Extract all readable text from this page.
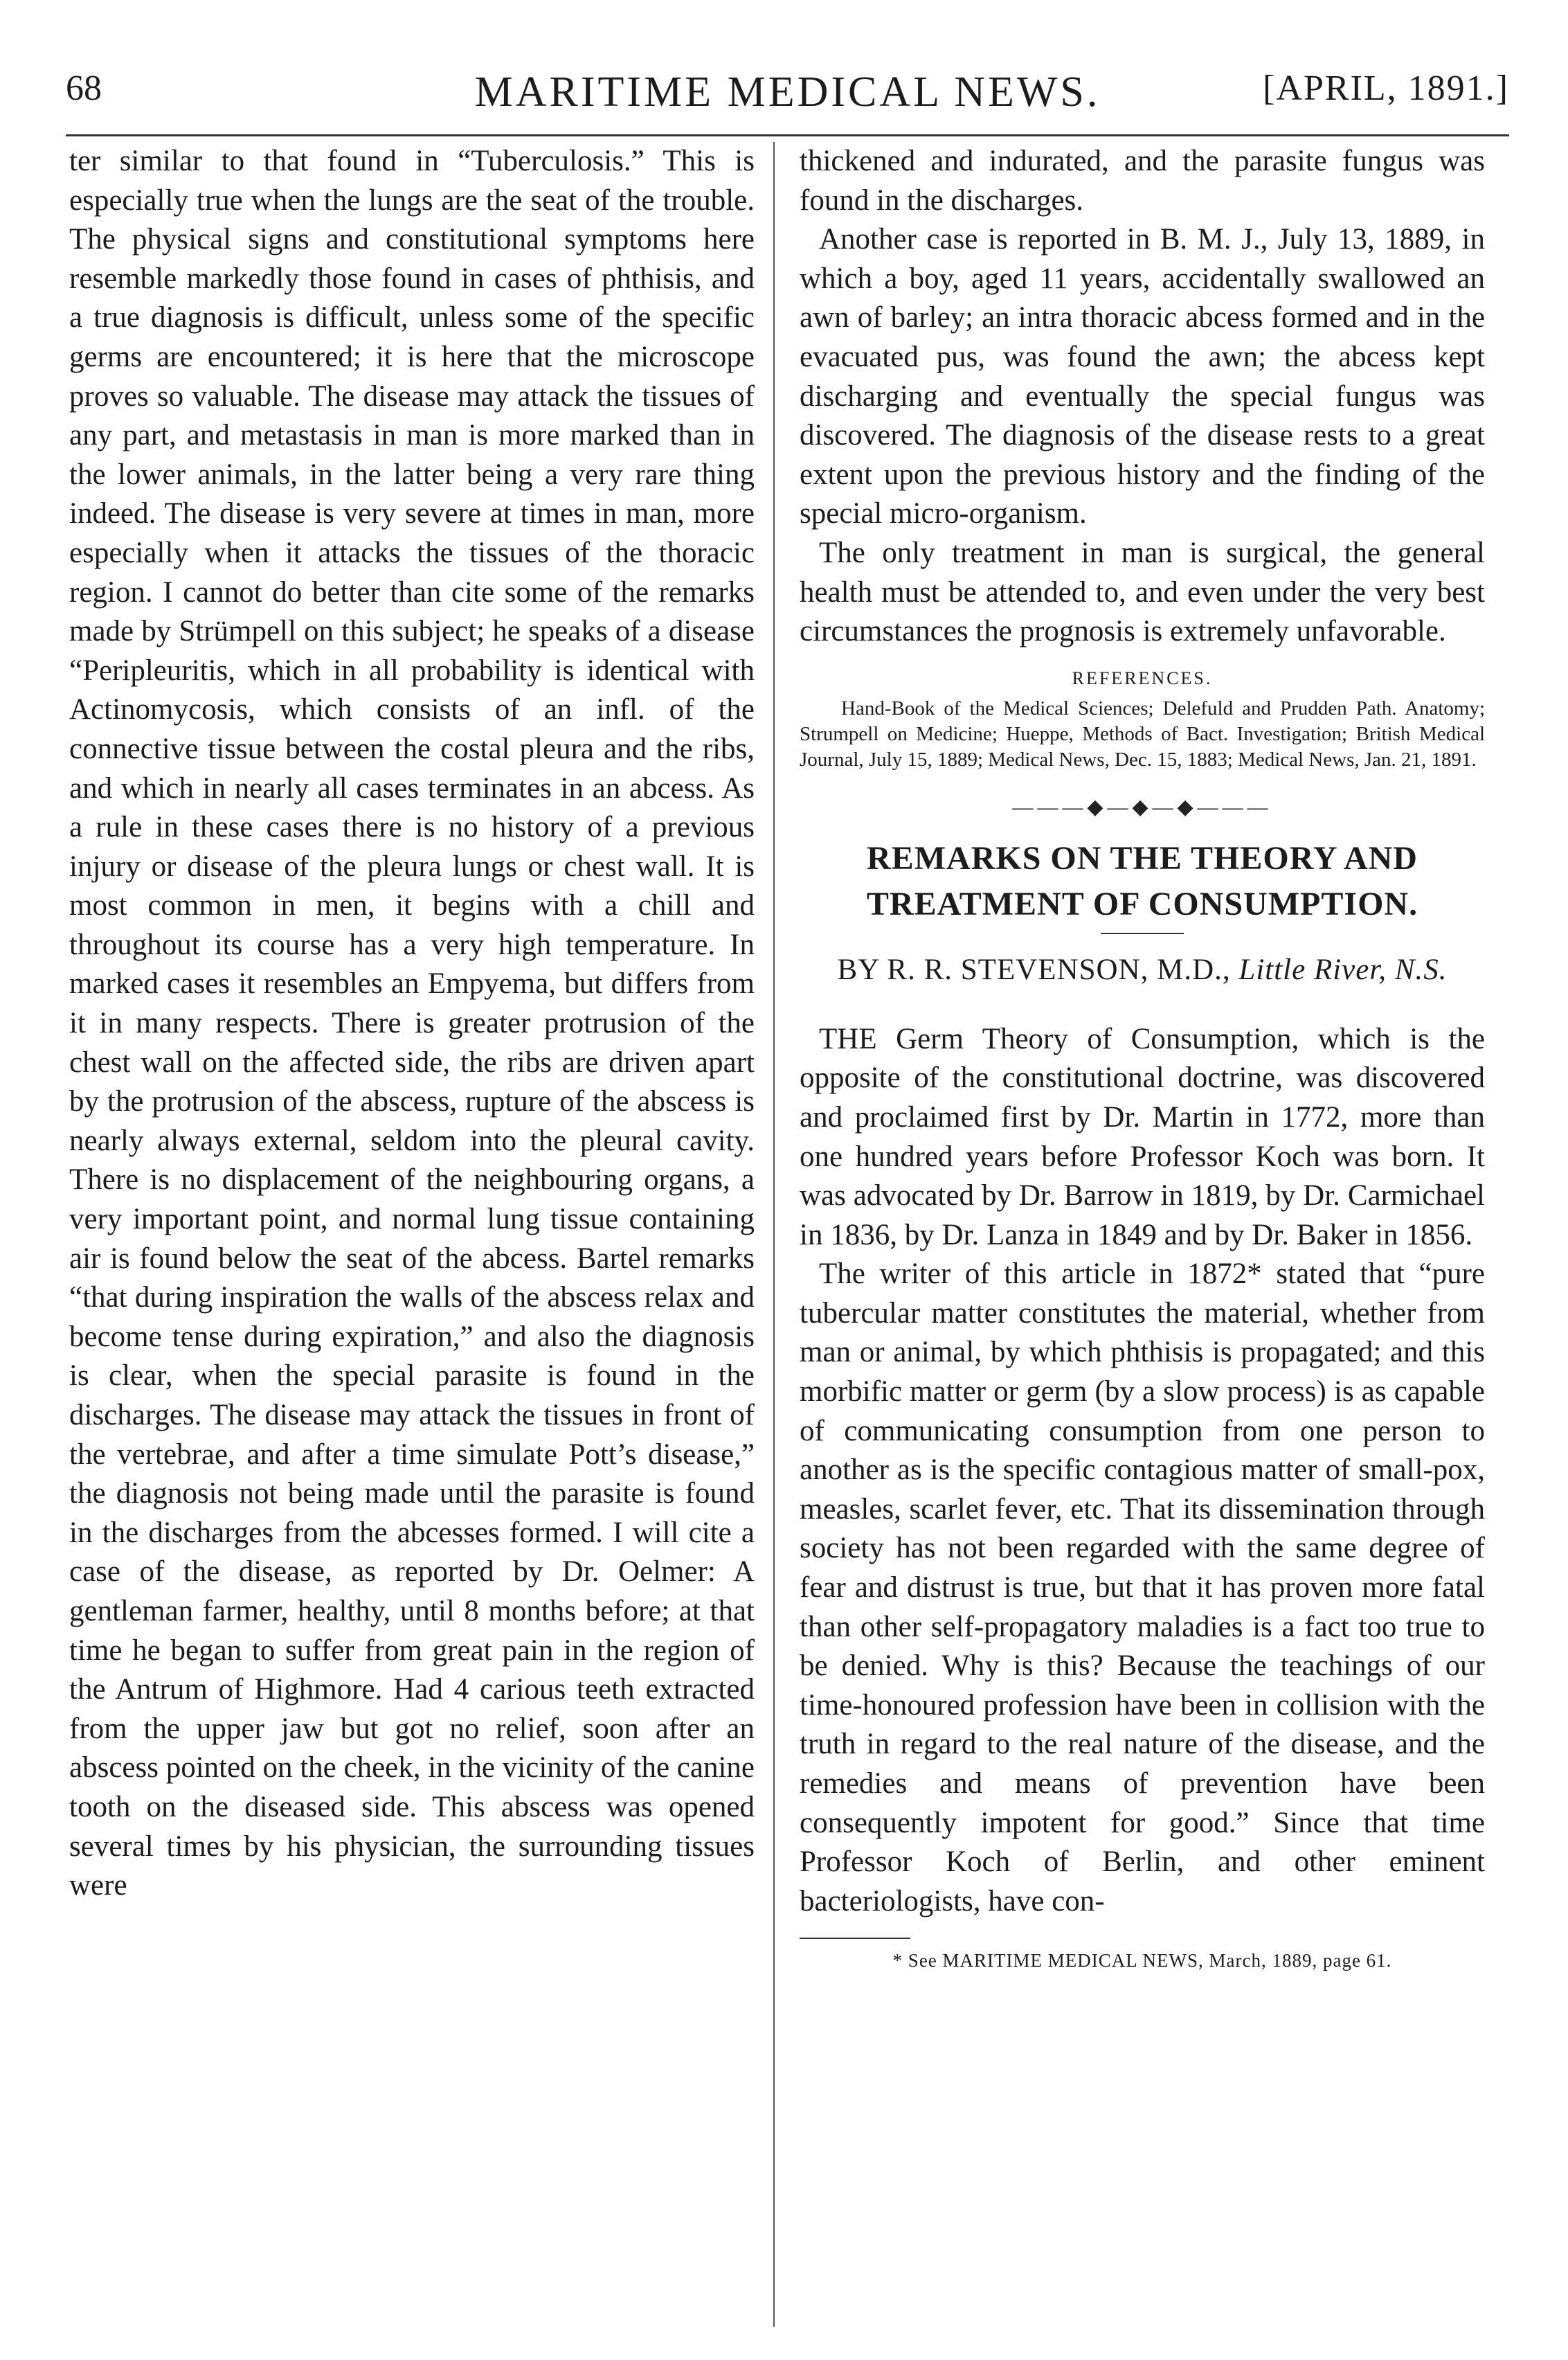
68	MARITIME MEDICAL NEWS.	[APRIL, 1891.]

ter similar to that found in “Tuberculosis.” This is especially true when the lungs are the seat of the trouble. The physical signs and constitutional symptoms here resemble markedly those found in cases of phthisis, and a true diagnosis is difficult, unless some of the specific germs are encountered; it is here that the microscope proves so valuable. The disease may attack the tissues of any part, and metastasis in man is more marked than in the lower animals, in the latter being a very rare thing indeed. The disease is very severe at times in man, more especially when it attacks the tissues of the thoracic region. I cannot do better than cite some of the remarks made by Strümpell on this subject; he speaks of a disease “Peripleuritis, which in all probability is identical with Actinomycosis, which consists of an infl. of the connective tissue between the costal pleura and the ribs, and which in nearly all cases terminates in an abcess. As a rule in these cases there is no history of a previous injury or disease of the pleura lungs or chest wall. It is most common in men, it begins with a chill and throughout its course has a very high temperature. In marked cases it resembles an Empyema, but differs from it in many respects. There is greater protrusion of the chest wall on the affected side, the ribs are driven apart by the protrusion of the abscess, rupture of the abscess is nearly always external, seldom into the pleural cavity. There is no displacement of the neighbouring organs, a very important point, and normal lung tissue containing air is found below the seat of the abcess. Bartel remarks “that during inspiration the walls of the abscess relax and become tense during expiration,” and also the diagnosis is clear, when the special parasite is found in the discharges. The disease may attack the tissues in front of the vertebrae, and after a time simulate Pott’s disease,” the diagnosis not being made until the parasite is found in the discharges from the abcesses formed. I will cite a case of the disease, as reported by Dr. Oelmer: A gentleman farmer, healthy, until 8 months before; at that time he began to suffer from great pain in the region of the Antrum of Highmore. Had 4 carious teeth extracted from the upper jaw but got no relief, soon after an abscess pointed on the cheek, in the vicinity of the canine tooth on the diseased side. This abscess was opened several times by his physician, the surrounding tissues were

thickened and indurated, and the parasite fungus was found in the discharges.

Another case is reported in B. M. J., July 13, 1889, in which a boy, aged 11 years, accidentally swallowed an awn of barley; an intra thoracic abcess formed and in the evacuated pus, was found the awn; the abcess kept discharging and eventually the special fungus was discovered. The diagnosis of the disease rests to a great extent upon the previous history and the finding of the special micro-organism.

The only treatment in man is surgical, the general health must be attended to, and even under the very best circumstances the prognosis is extremely unfavorable.

REFERENCES.

Hand-Book of the Medical Sciences; Delefuld and Prudden Path. Anatomy; Strumpell on Medicine; Hueppe, Methods of Bact. Investigation; British Medical Journal, July 15, 1889; Medical News, Dec. 15, 1883; Medical News, Jan. 21, 1891.

―――◆―◆―◆―――
REMARKS ON THE THEORY AND TREATMENT OF CONSUMPTION.

BY R. R. STEVENSON, M.D., Little River, N.S.

THE Germ Theory of Consumption, which is the opposite of the constitutional doctrine, was discovered and proclaimed first by Dr. Martin in 1772, more than one hundred years before Professor Koch was born. It was advocated by Dr. Barrow in 1819, by Dr. Carmichael in 1836, by Dr. Lanza in 1849 and by Dr. Baker in 1856.

The writer of this article in 1872* stated that “pure tubercular matter constitutes the material, whether from man or animal, by which phthisis is propagated; and this morbific matter or germ (by a slow process) is as capable of communicating consumption from one person to another as is the specific contagious matter of small-pox, measles, scarlet fever, etc. That its dissemination through society has not been regarded with the same degree of fear and distrust is true, but that it has proven more fatal than other self-propagatory maladies is a fact too true to be denied. Why is this? Because the teachings of our time-honoured profession have been in collision with the truth in regard to the real nature of the disease, and the remedies and means of prevention have been consequently impotent for good.” Since that time Professor Koch of Berlin, and other eminent bacteriologists, have con-

* See MARITIME MEDICAL NEWS, March, 1889, page 61.
